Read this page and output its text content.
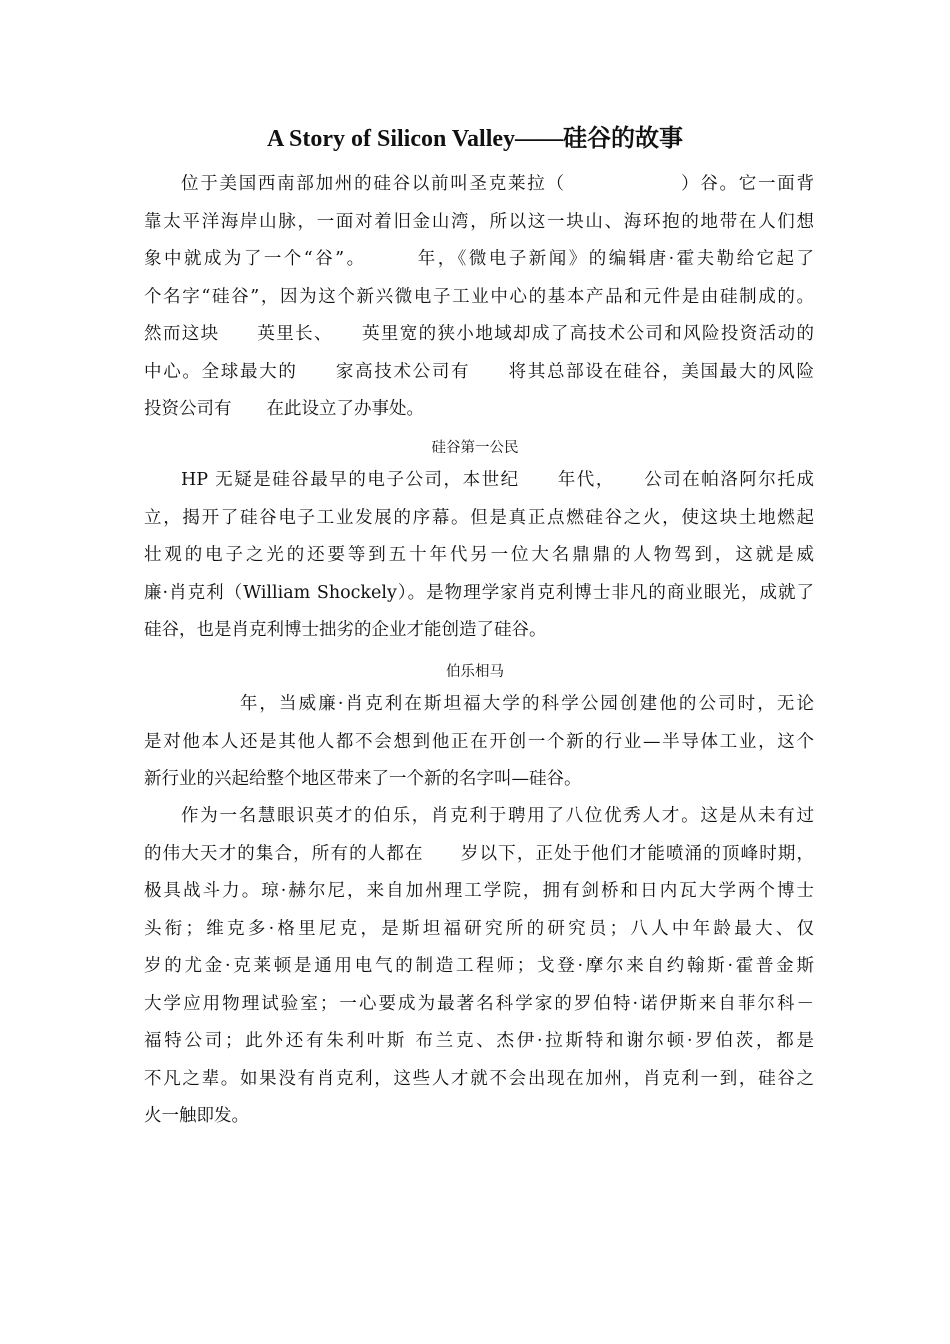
A Story of Silicon Valley——硅谷的故事
位于美国西南部加州的硅谷以前叫圣克莱拉（　　　　　　）谷。它一面背
靠太平洋海岸山脉，一面对着旧金山湾，所以这一块山、海环抱的地带在人们想
象中就成为了一个“谷”。　　　年，《微电子新闻》的编辑唐·霍夫勒给它起了
个名字“硅谷”，因为这个新兴微电子工业中心的基本产品和元件是由硅制成的。
然而这块　　英里长、　　英里宽的狭小地域却成了高技术公司和风险投资活动的
中心。全球最大的　　家高技术公司有　　将其总部设在硅谷，美国最大的风险
投资公司有　　在此设立了办事处。
硅谷第一公民
HP 无疑是硅谷最早的电子公司，本世纪　　年代，　　公司在帕洛阿尔托成
立，揭开了硅谷电子工业发展的序幕。但是真正点燃硅谷之火，使这块土地燃起
壮观的电子之光的还要等到五十年代另一位大名鼎鼎的人物驾到，这就是威
廉·肖克利（William Shockely）。是物理学家肖克利博士非凡的商业眼光，成就了
硅谷，也是肖克利博士拙劣的企业才能创造了硅谷。
伯乐相马
　　　年，当威廉·肖克利在斯坦福大学的科学公园创建他的公司时，无论
是对他本人还是其他人都不会想到他正在开创一个新的行业—半导体工业，这个
新行业的兴起给整个地区带来了一个新的名字叫—硅谷。
作为一名慧眼识英才的伯乐，肖克利于聘用了八位优秀人才。这是从未有过
的伟大天才的集合，所有的人都在　　岁以下，正处于他们才能喷涌的顶峰时期，
极具战斗力。琼·赫尔尼，来自加州理工学院，拥有剑桥和日内瓦大学两个博士
头衔；维克多·格里尼克，是斯坦福研究所的研究员；八人中年龄最大、仅
岁的尤金·克莱顿是通用电气的制造工程师；戈登·摩尔来自约翰斯·霍普金斯
大学应用物理试验室；一心要成为最著名科学家的罗伯特·诺伊斯来自菲尔科－
福特公司；此外还有朱利叶斯 布兰克、杰伊·拉斯特和谢尔顿·罗伯茨，都是
不凡之辈。如果没有肖克利，这些人才就不会出现在加州，肖克利一到，硅谷之
火一触即发。
